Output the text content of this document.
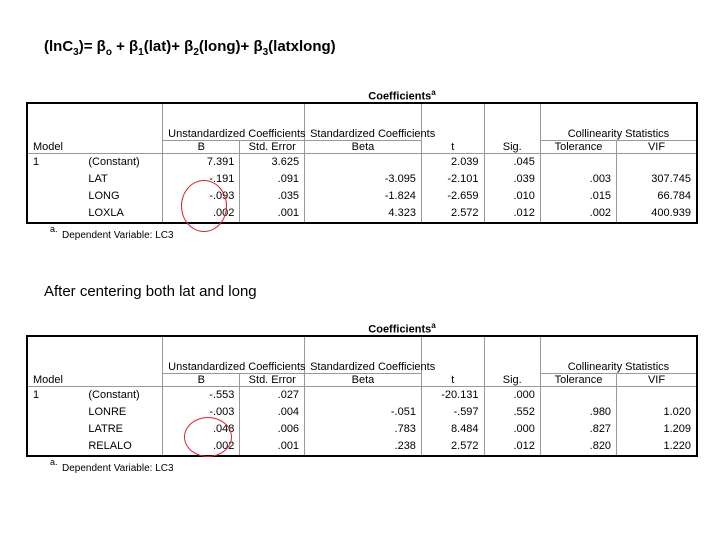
$(\ln C_3)= \beta_o + \beta_1(lat)+$ $\beta_2(long)+$ $\beta_3(latxlong)$
Coefficients$^a$
		Unstandardized Coefficients		Standardized Coefficients			Collinearity Statistics	
Model		B	Std. Error	Beta	t	Sig.	Tolerance	VIF
1	(Constant)	7.391	3.625		2.039	.045		
	LAT	-.191	.091	-3.095	-2.101	.039	.003	307.745
	LONG	-.093	.035	-1.824	-2.659	.010	.015	66.784
	LOXLA	.002	.001	4.323	2.572	.012	.002	400.939
a.
Dependent Variable: LC3
After centering both lat and long
Coefficients$^a$
		Unstandardized Coefficients		Standardized Coefficients			Collinearity Statistics	
Model		B	Std. Error	Beta	t	Sig.	Tolerance	VIF
1	(Constant)	-.553	.027		-20.131	.000		
	LONRE	-.003	.004	-.051	-.597	.552	.980	1.020
	LATRE	.048	.006	.783	8.484	.000	.827	1.209
	RELALO	.002	.001	.238	2.572	.012	.820	1.220
a.
Dependent Variable: LC3
